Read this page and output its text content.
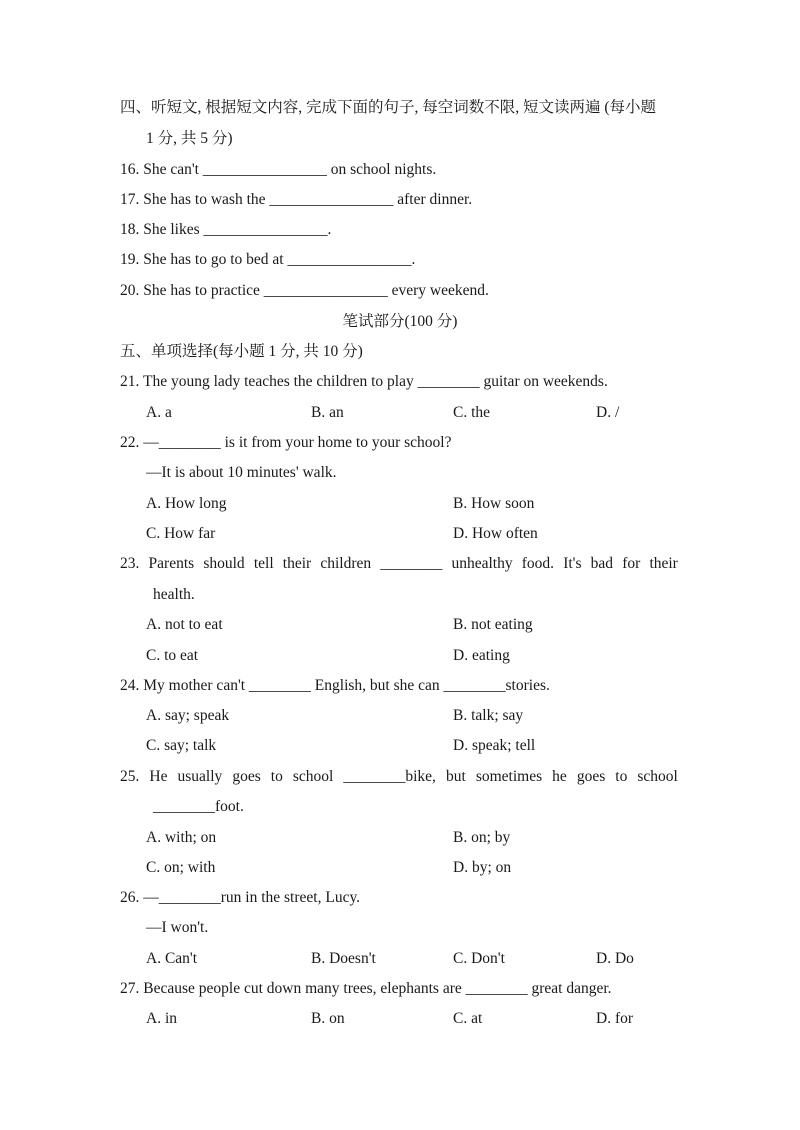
四、听短文, 根据短文内容, 完成下面的句子, 每空词数不限, 短文读两遍 (每小题
1 分, 共 5 分)
16. She can't ________________ on school nights.
17. She has to wash the ________________ after dinner.
18. She likes ________________.
19. She has to go to bed at ________________.
20. She has to practice ________________ every weekend.
笔试部分(100 分)
五、单项选择(每小题 1 分, 共 10 分)
21. The young lady teaches the children to play ________ guitar on weekends.
A. a	B. an	C. the	D. /
22. —________ is it from your home to your school?
—It is about 10 minutes' walk.
A. How long	B. How soon
C. How far	D. How often
23. Parents should tell their children ________ unhealthy food. It's bad for their
health.
A. not to eat	B. not eating
C. to eat	D. eating
24. My mother can't ________ English, but she can ________stories.
A. say; speak	B. talk; say
C. say; talk	D. speak; tell
25. He usually goes to school ________bike, but sometimes he goes to school
________foot.
A. with; on	B. on; by
C. on; with	D. by; on
26. —________run in the street, Lucy.
—I won't.
A. Can't	B. Doesn't	C. Don't	D. Do
27. Because people cut down many trees, elephants are ________ great danger.
A. in	B. on	C. at	D. for
